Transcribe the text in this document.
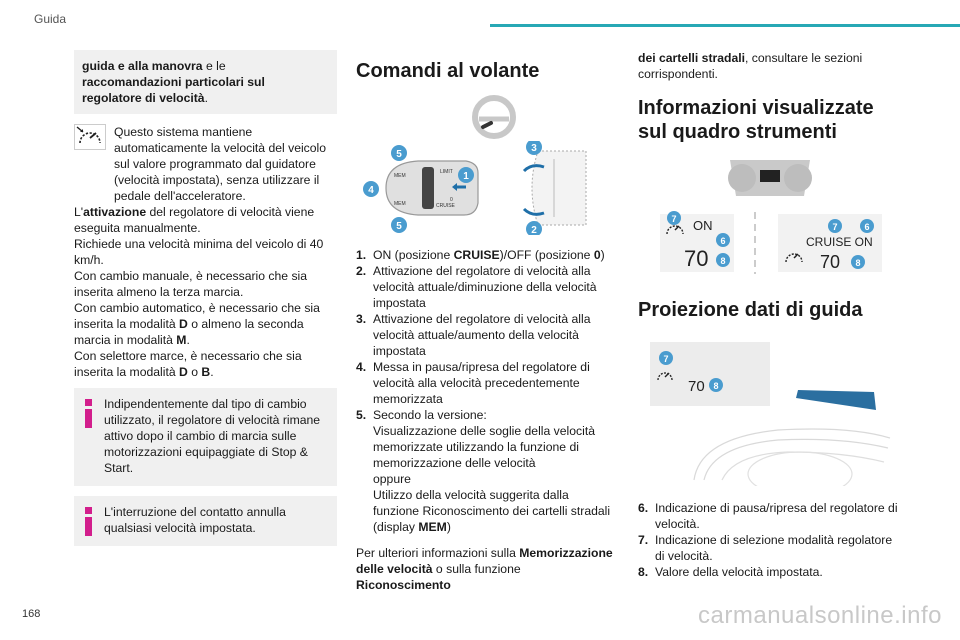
Guida
guida e alla manovra e le raccomandazioni particolari sul regolatore di velocità.
Questo sistema mantiene automaticamente la velocità del veicolo sul valore programmato dal guidatore (velocità impostata), senza utilizzare il pedale dell'acceleratore.
L'attivazione del regolatore di velocità viene eseguita manualmente.
Richiede una velocità minima del veicolo di 40 km/h.
Con cambio manuale, è necessario che sia inserita almeno la terza marcia.
Con cambio automatico, è necessario che sia inserita la modalità D o almeno la seconda marcia in modalità M.
Con selettore marce, è necessario che sia inserita la modalità D o B.
Indipendentemente dal tipo di cambio utilizzato, il regolatore di velocità rimane attivo dopo il cambio di marcia sulle motorizzazioni equipaggiate di Stop & Start.
L'interruzione del contatto annulla qualsiasi velocità impostata.
Comandi al volante
MEM
LIMIT
CRUISE
MEM
0
5
4
5
1
3
2
1. ON (posizione CRUISE)/OFF (posizione 0)
2. Attivazione del regolatore di velocità alla velocità attuale/diminuzione della velocità impostata
3. Attivazione del regolatore di velocità alla velocità attuale/aumento della velocità impostata
4. Messa in pausa/ripresa del regolatore di velocità alla velocità precedentemente memorizzata
5. Secondo la versione:
Visualizzazione delle soglie della velocità memorizzate utilizzando la funzione di memorizzazione delle velocità
oppure
Utilizzo della velocità suggerita dalla funzione Riconoscimento dei cartelli stradali (display MEM)
Per ulteriori informazioni sulla Memorizzazione delle velocità o sulla funzione Riconoscimento
dei cartelli stradali, consultare le sezioni corrispondenti.
Informazioni visualizzate sul quadro strumenti
ON
70
7
6
8
CRUISE ON
70
7	6
8
Proiezione dati di guida
70
7
8
6. Indicazione di pausa/ripresa del regolatore di velocità.
7. Indicazione di selezione modalità regolatore di velocità.
8. Valore della velocità impostata.
168	carmanualsonline.info
